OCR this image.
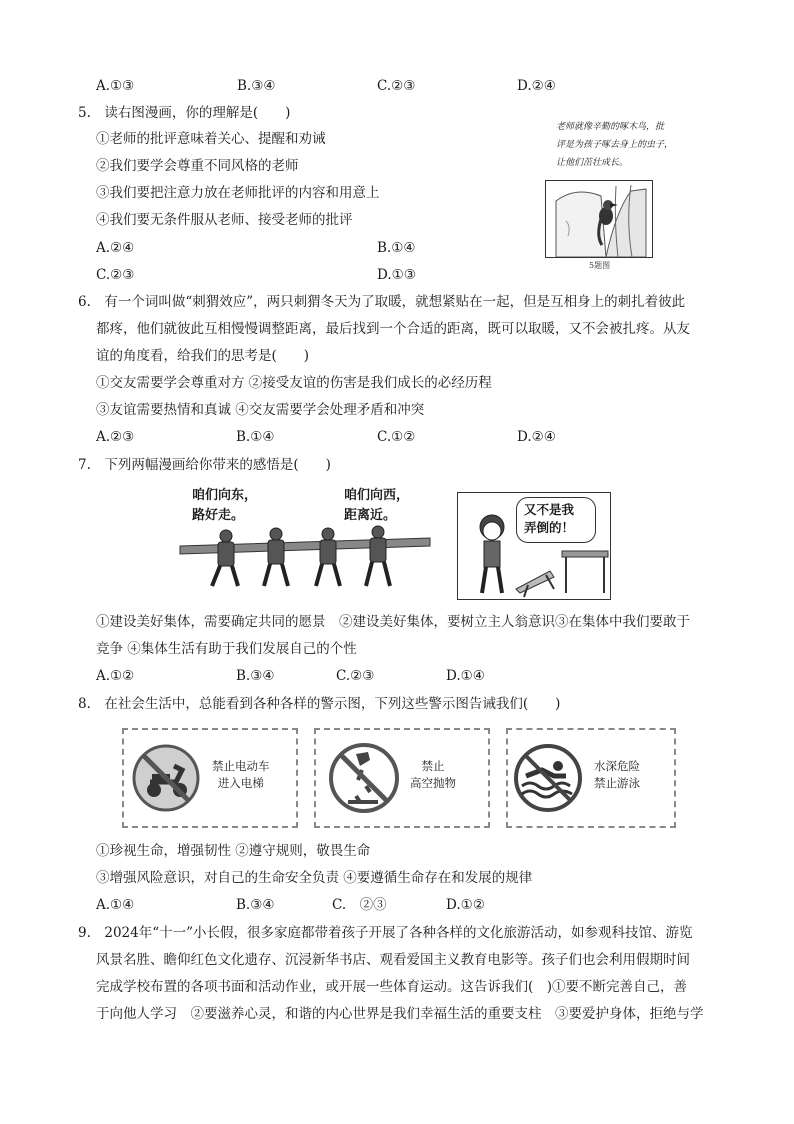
A.①③	B.③④	C.②③	D.②④
5.　读右图漫画，你的理解是(　　)
①老师的批评意味着关心、提醒和劝诫
②我们要学会尊重不同风格的老师
③我们要把注意力放在老师批评的内容和用意上
④我们要无条件服从老师、接受老师的批评
A.②④	B.①④
C.②③	D.①③
老师就像辛勤的啄木鸟，批
评是为孩子啄去身上的虫子，
让他们茁壮成长。
5题图
6.　有一个词叫做“刺猬效应”，两只刺猬冬天为了取暖，就想紧贴在一起，但是互相身上的刺扎着彼此
都疼，他们就彼此互相慢慢调整距离，最后找到一个合适的距离，既可以取暖，又不会被扎疼。从友
谊的角度看，给我们的思考是(　　)
①交友需要学会尊重对方 ②接受友谊的伤害是我们成长的必经历程
③友谊需要热情和真诚 ④交友需要学会处理矛盾和冲突
A.②③	B.①④	C.①②	D.②④
7.　下列两幅漫画给你带来的感悟是(　　)
咱们向东，
路好走。
咱们向西，
距离近。	又不是我
弄倒的！
①建设美好集体，需要确定共同的愿景　②建设美好集体，要树立主人翁意识③在集体中我们要敢于
竞争 ④集体生活有助于我们发展自己的个性
A.①②	B.③④	C.②③	D.①④
8.　在社会生活中，总能看到各种各样的警示图，下列这些警示图告诫我们(　　)
禁止电动车
进入电梯
禁止
高空抛物
水深危险
禁止游泳
①珍视生命，增强韧性 ②遵守规则，敬畏生命
③增强风险意识，对自己的生命安全负责 ④要遵循生命存在和发展的规律
A.①④	B.③④	C.　②③	D.①②
9.　2024年“十一”小长假，很多家庭都带着孩子开展了各种各样的文化旅游活动，如参观科技馆、游览
风景名胜、瞻仰红色文化遗存、沉浸新华书店、观看爱国主义教育电影等。孩子们也会利用假期时间
完成学校布置的各项书面和活动作业，或开展一些体育运动。这告诉我们(　)①要不断完善自己，善
于向他人学习　②要滋养心灵，和谐的内心世界是我们幸福生活的重要支柱　③要爱护身体，拒绝与学
